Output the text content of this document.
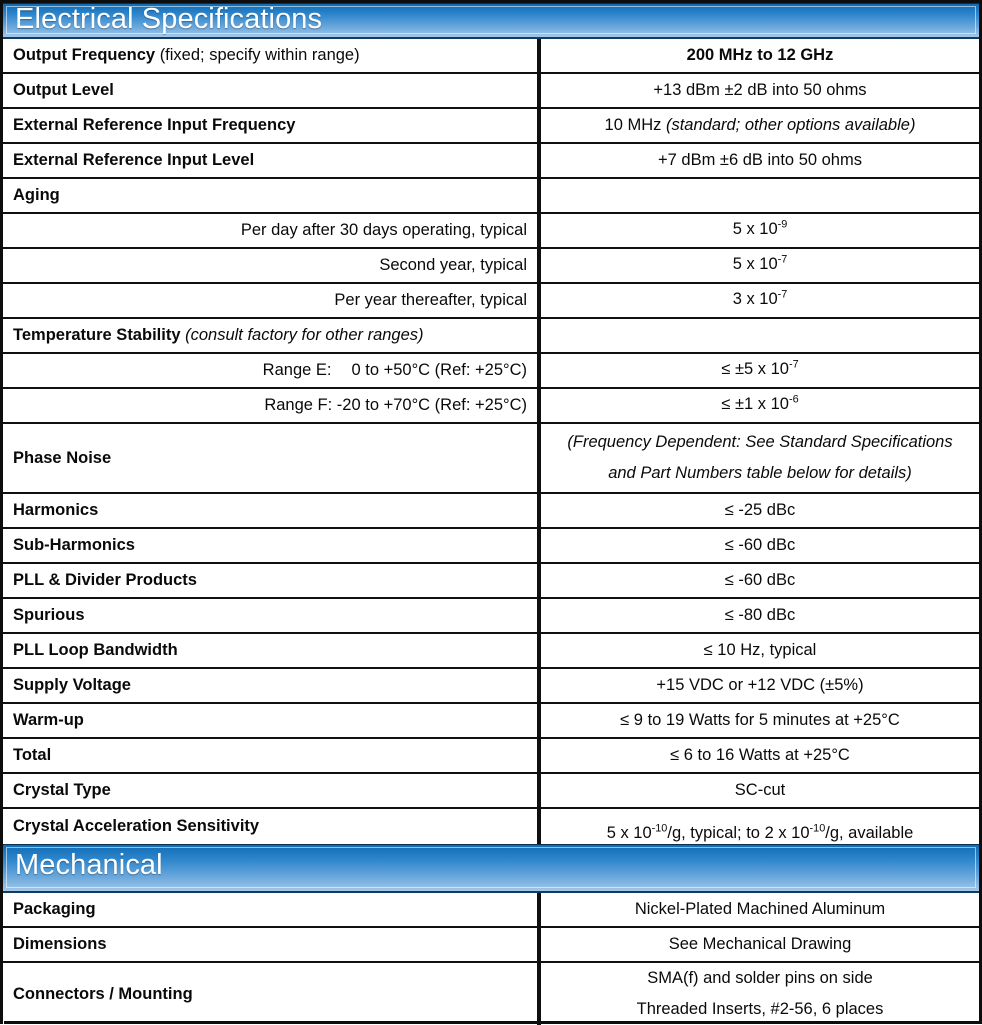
Electrical Specifications
Output Frequency (fixed; specify within range)	200 MHz to 12 GHz
Output Level	+13 dBm ±2 dB into 50 ohms
External Reference Input Frequency	10 MHz (standard; other options available)
External Reference Input Level	+7 dBm ±6 dB into 50 ohms
Aging	
Per day after 30 days operating, typical	5 x $10^{-9}$
Second year, typical	5 x $10^{-7}$
Per year thereafter, typical	3 x $10^{-7}$
Temperature Stability (consult factory for other ranges)	
Range E: 0 to +50°C (Ref: +25°C)	≤ ±5 x $10^{-7}$
Range F: -20 to +70°C (Ref: +25°C)	≤ ±1 x $10^{-6}$
Phase Noise	(Frequency Dependent: See Standard Specifications
and Part Numbers table below for details)

Harmonics	≤ -25 dBc
Sub-Harmonics	≤ -60 dBc
PLL & Divider Products	≤ -60 dBc
Spurious	≤ -80 dBc
PLL Loop Bandwidth	≤ 10 Hz, typical
Supply Voltage	+15 VDC or +12 VDC (±5%)
Warm-up	≤ 9 to 19 Watts for 5 minutes at +25°C
Total	≤ 6 to 16 Watts at +25°C
Crystal Type	SC-cut
Crystal Acceleration Sensitivity	5 x $10^{-10}/g$, typical; to 2 x $10^{-10}/g$, available
Mechanical
Packaging	Nickel-Plated Machined Aluminum
Dimensions	See Mechanical Drawing
Connectors / Mounting	SMA(f) and solder pins on side
Threaded Inserts, #2-56, 6 places
